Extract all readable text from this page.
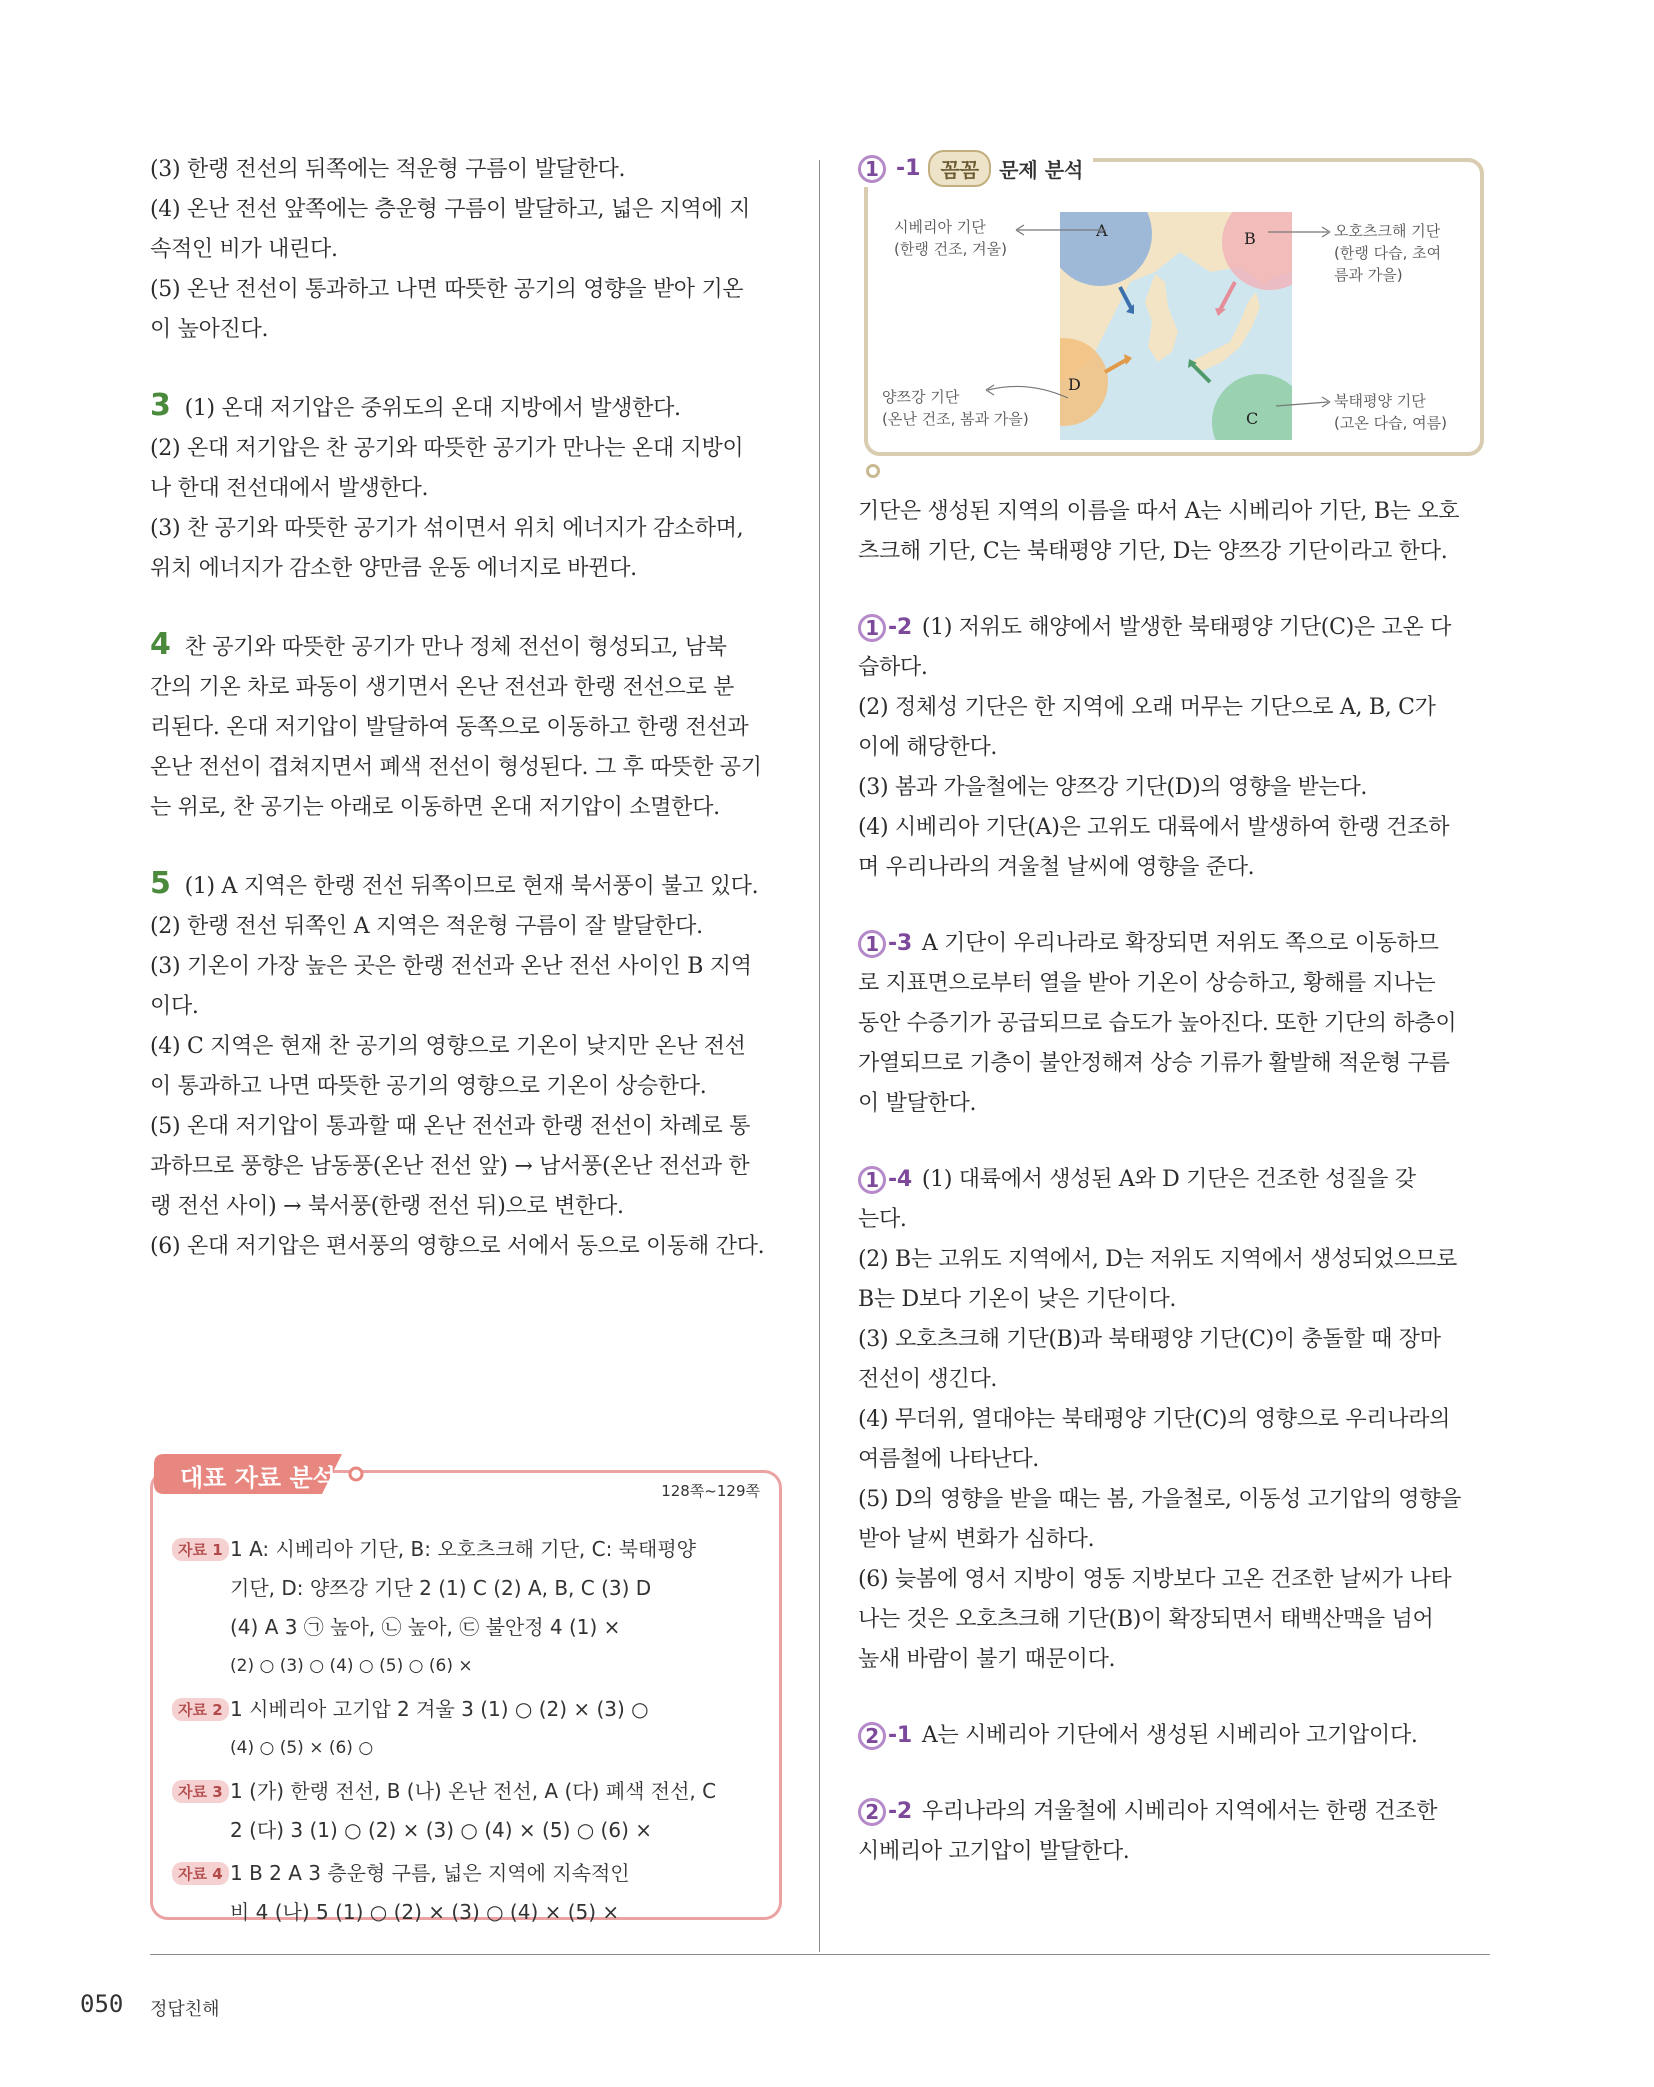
(3) 한랭 전선의 뒤쪽에는 적운형 구름이 발달한다.

(4) 온난 전선 앞쪽에는 층운형 구름이 발달하고, 넓은 지역에 지

속적인 비가 내린다.

(5) 온난 전선이 통과하고 나면 따뜻한 공기의 영향을 받아 기온

이 높아진다.

3 (1) 온대 저기압은 중위도의 온대 지방에서 발생한다.

(2) 온대 저기압은 찬 공기와 따뜻한 공기가 만나는 온대 지방이

나 한대 전선대에서 발생한다.

(3) 찬 공기와 따뜻한 공기가 섞이면서 위치 에너지가 감소하며,

위치 에너지가 감소한 양만큼 운동 에너지로 바뀐다.

4 찬 공기와 따뜻한 공기가 만나 정체 전선이 형성되고, 남북

간의 기온 차로 파동이 생기면서 온난 전선과 한랭 전선으로 분

리된다. 온대 저기압이 발달하여 동쪽으로 이동하고 한랭 전선과

온난 전선이 겹쳐지면서 폐색 전선이 형성된다. 그 후 따뜻한 공기

는 위로, 찬 공기는 아래로 이동하면 온대 저기압이 소멸한다.

5 (1) A 지역은 한랭 전선 뒤쪽이므로 현재 북서풍이 불고 있다.

(2) 한랭 전선 뒤쪽인 A 지역은 적운형 구름이 잘 발달한다.

(3) 기온이 가장 높은 곳은 한랭 전선과 온난 전선 사이인 B 지역

이다.

(4) C 지역은 현재 찬 공기의 영향으로 기온이 낮지만 온난 전선

이 통과하고 나면 따뜻한 공기의 영향으로 기온이 상승한다.

(5) 온대 저기압이 통과할 때 온난 전선과 한랭 전선이 차례로 통

과하므로 풍향은 남동풍(온난 전선 앞) → 남서풍(온난 전선과 한

랭 전선 사이) → 북서풍(한랭 전선 뒤)으로 변한다.

(6) 온대 저기압은 편서풍의 영향으로 서에서 동으로 이동해 간다.

대표 자료 분석	128쪽~129쪽
자료 1 1 A: 시베리아 기단, B: 오호츠크해 기단, C: 북태평양
기단, D: 양쯔강 기단 2 (1) C (2) A, B, C (3) D
(4) A 3 ㉠ 높아, ㉡ 높아, ㉢ 불안정 4 (1) ×
(2) ○ (3) ○ (4) ○ (5) ○ (6) ×
자료 2 1 시베리아 고기압 2 겨울 3 (1) ○ (2) × (3) ○
(4) ○ (5) × (6) ○
자료 3 1 (가) 한랭 전선, B (나) 온난 전선, A (다) 폐색 전선, C
2 (다) 3 (1) ○ (2) × (3) ○ (4) × (5) ○ (6) ×
자료 4 1 B 2 A 3 층운형 구름, 넓은 지역에 지속적인
비 4 (나) 5 (1) ○ (2) × (3) ○ (4) × (5) ×
1 -1	꼼꼼	문제 분석
A	B
C
D
시베리아 기단
(한랭 건조, 겨울)
오호츠크해 기단
(한랭 다습, 초여
름과 가을)
양쯔강 기단
(온난 건조, 봄과 가을)
북태평양 기단
(고온 다습, 여름)

기단은 생성된 지역의 이름을 따서 A는 시베리아 기단, B는 오호

츠크해 기단, C는 북태평양 기단, D는 양쯔강 기단이라고 한다.

1 -2 (1) 저위도 해양에서 발생한 북태평양 기단(C)은 고온 다

습하다.

(2) 정체성 기단은 한 지역에 오래 머무는 기단으로 A, B, C가

이에 해당한다.

(3) 봄과 가을철에는 양쯔강 기단(D)의 영향을 받는다.

(4) 시베리아 기단(A)은 고위도 대륙에서 발생하여 한랭 건조하

며 우리나라의 겨울철 날씨에 영향을 준다.

1 -3 A 기단이 우리나라로 확장되면 저위도 쪽으로 이동하므

로 지표면으로부터 열을 받아 기온이 상승하고, 황해를 지나는

동안 수증기가 공급되므로 습도가 높아진다. 또한 기단의 하층이

가열되므로 기층이 불안정해져 상승 기류가 활발해 적운형 구름

이 발달한다.

1 -4 (1) 대륙에서 생성된 A와 D 기단은 건조한 성질을 갖

는다.

(2) B는 고위도 지역에서, D는 저위도 지역에서 생성되었으므로

B는 D보다 기온이 낮은 기단이다.

(3) 오호츠크해 기단(B)과 북태평양 기단(C)이 충돌할 때 장마

전선이 생긴다.

(4) 무더위, 열대야는 북태평양 기단(C)의 영향으로 우리나라의

여름철에 나타난다.

(5) D의 영향을 받을 때는 봄, 가을철로, 이동성 고기압의 영향을

받아 날씨 변화가 심하다.

(6) 늦봄에 영서 지방이 영동 지방보다 고온 건조한 날씨가 나타

나는 것은 오호츠크해 기단(B)이 확장되면서 태백산맥을 넘어

높새 바람이 불기 때문이다.

2 -1 A는 시베리아 기단에서 생성된 시베리아 고기압이다.

2 -2 우리나라의 겨울철에 시베리아 지역에서는 한랭 건조한

시베리아 고기압이 발달한다.

050 정답친해
